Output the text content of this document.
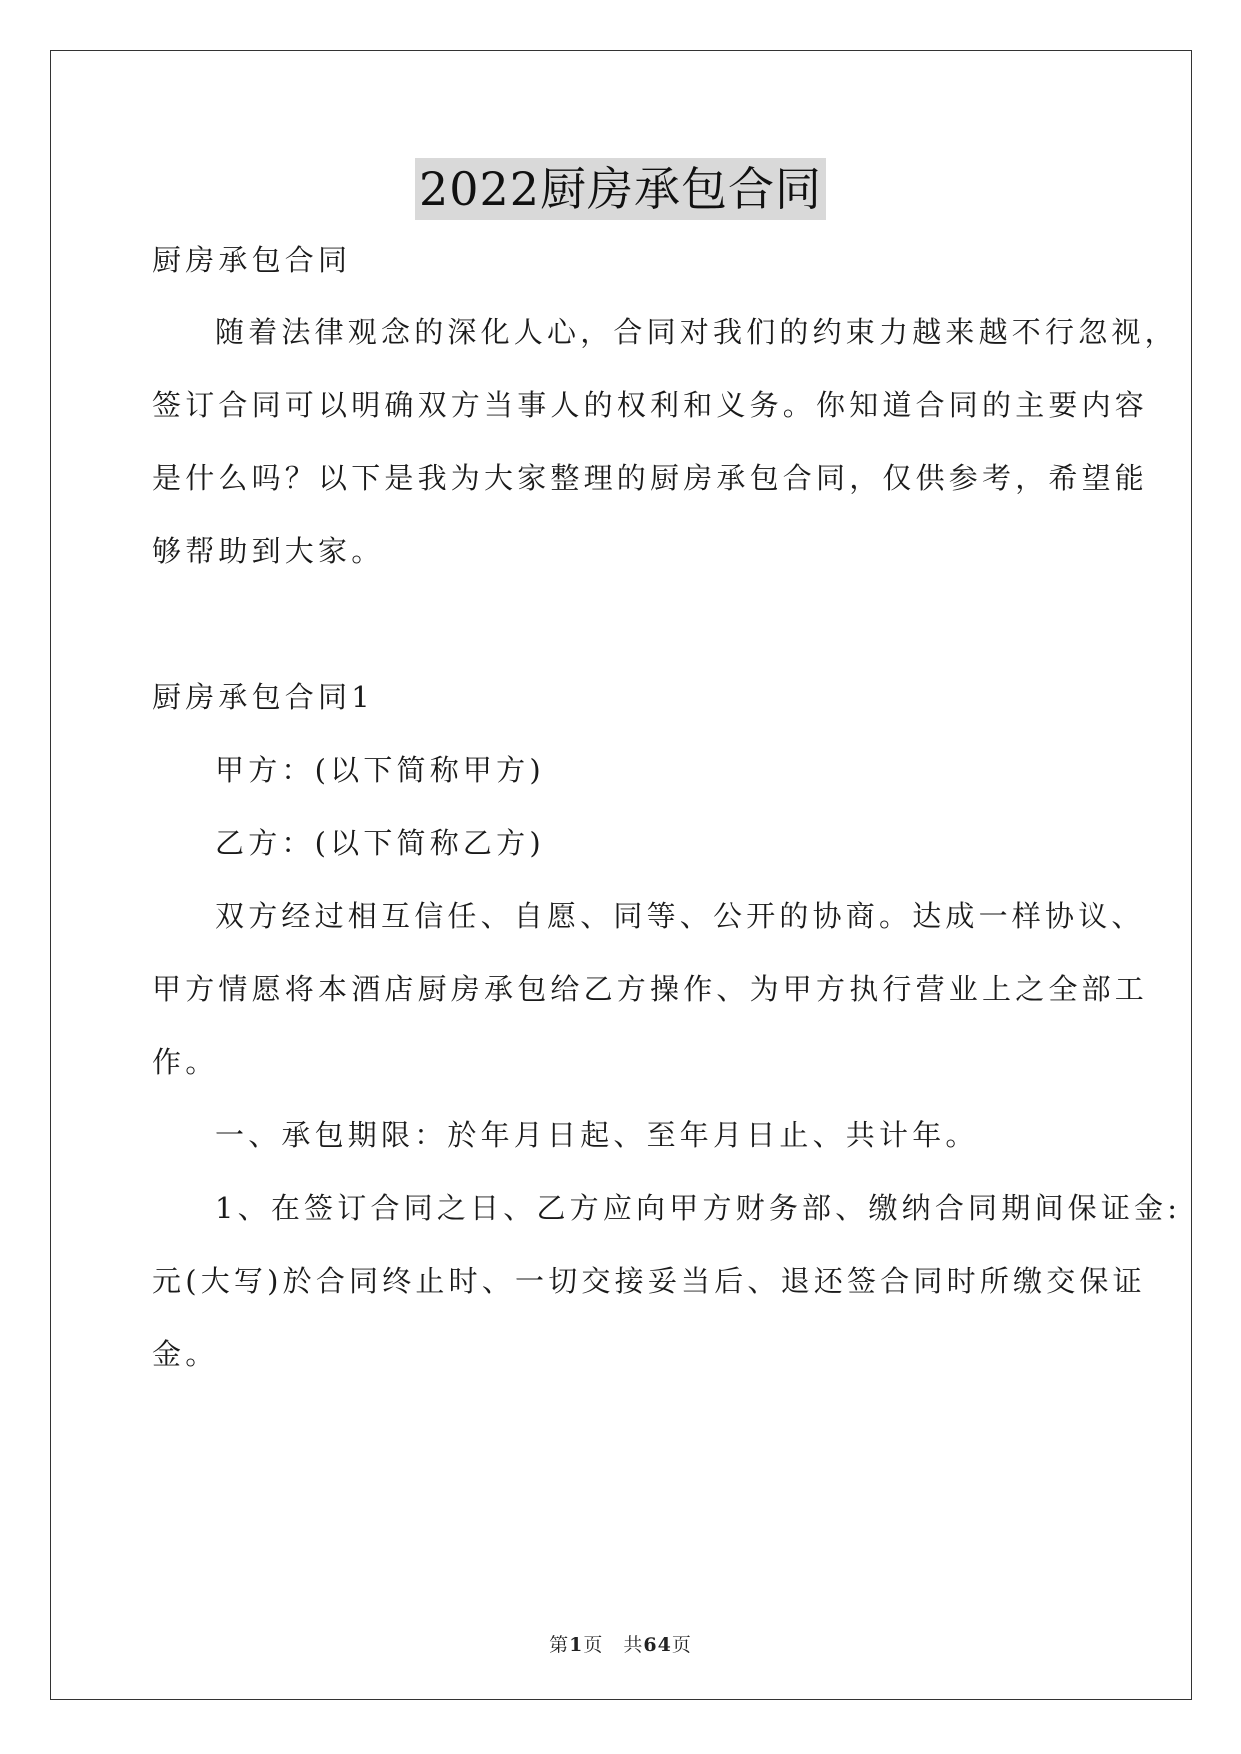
2022厨房承包合同
厨房承包合同
随着法律观念的深化人心，合同对我们的约束力越来越不行忽视，
签订合同可以明确双方当事人的权利和义务。你知道合同的主要内容
是什么吗？以下是我为大家整理的厨房承包合同，仅供参考，希望能
够帮助到大家。
厨房承包合同1
甲方：(以下简称甲方)
乙方：(以下简称乙方)
双方经过相互信任、自愿、同等、公开的协商。达成一样协议、
甲方情愿将本酒店厨房承包给乙方操作、为甲方执行营业上之全部工
作。
一、承包期限：於年月日起、至年月日止、共计年。
1、在签订合同之日、乙方应向甲方财务部、缴纳合同期间保证金:
元(大写)於合同终止时、一切交接妥当后、退还签合同时所缴交保证
金。
第1页　共64页
